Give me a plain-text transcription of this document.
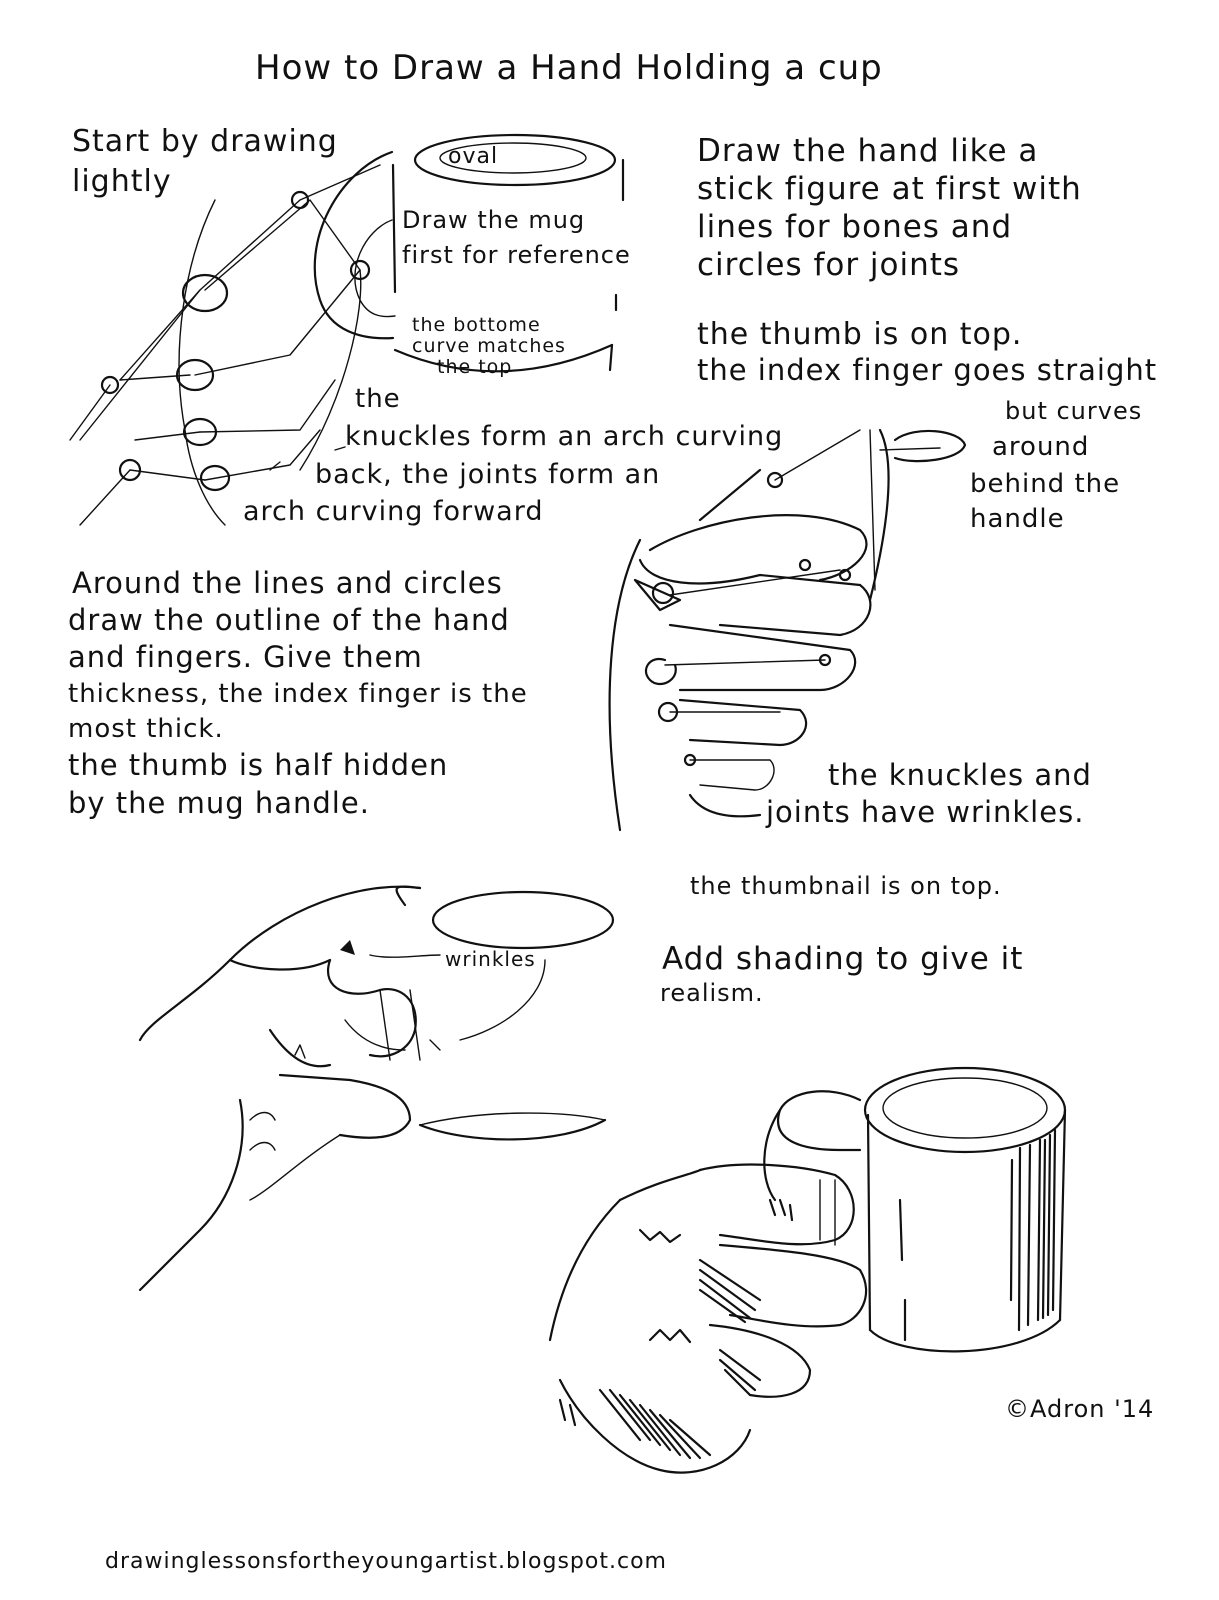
How to Draw a Hand Holding a cup
Start by drawing
lightly
oval
Draw the mug
first for reference
the bottome
curve matches
the top
the
knuckles form an arch curving
back, the joints form an
arch curving forward
Draw the hand like a
stick figure at first with
lines for bones and
circles for joints
the thumb is on top.
the index finger goes straight
but curves
around
behind the
handle
Around the lines and circles
draw the outline of the hand
and fingers. Give them
thickness, the index finger is the
most thick.
the thumb is half hidden
by the mug handle.
the knuckles and
joints have wrinkles.
the thumbnail is on top.
wrinkles	Add shading to give it
realism.
©Adron '14
drawinglessonsfortheyoungartist.blogspot.com
